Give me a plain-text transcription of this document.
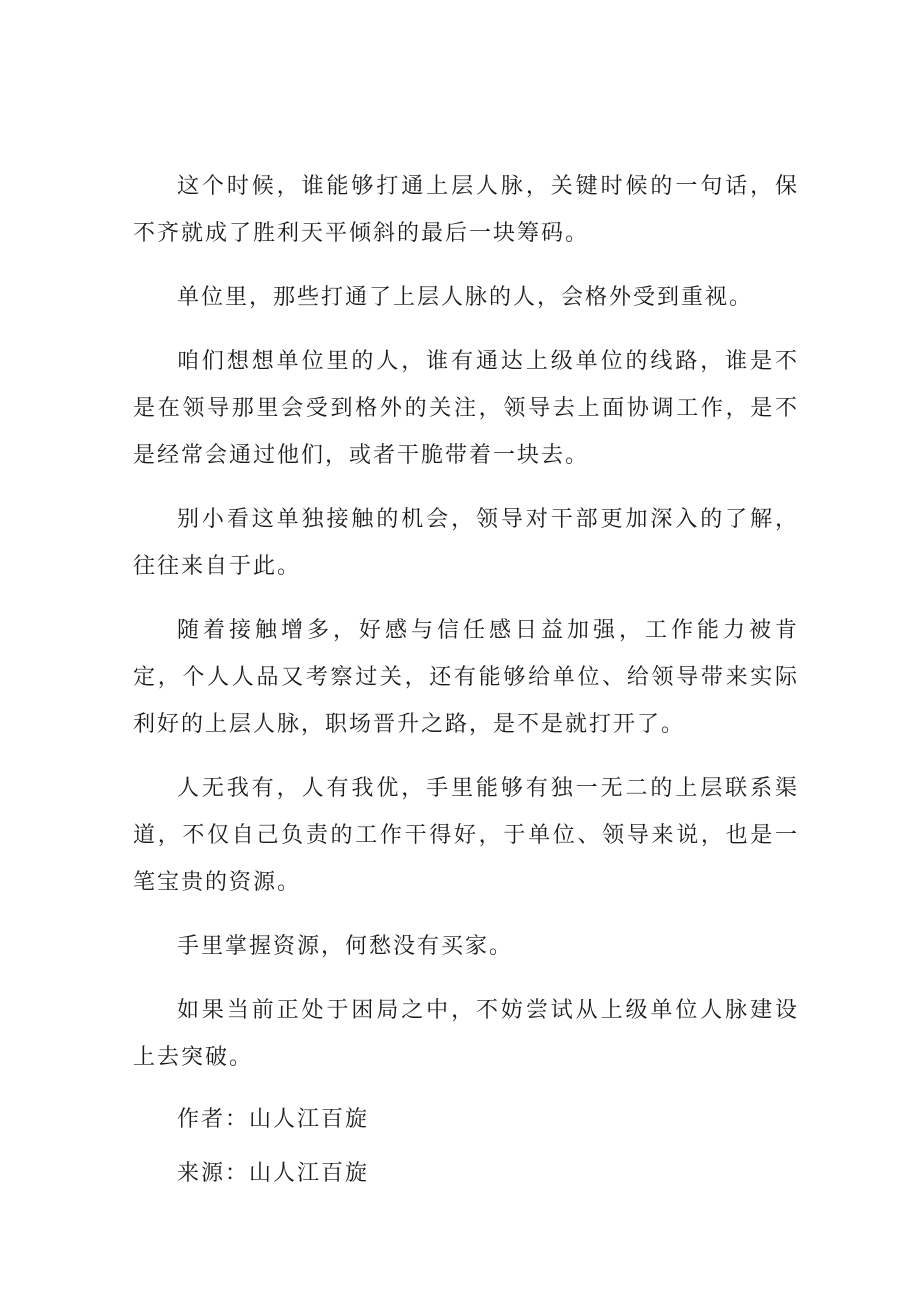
这个时候，谁能够打通上层人脉，关键时候的一句话，保不齐就成了胜利天平倾斜的最后一块筹码。

单位里，那些打通了上层人脉的人，会格外受到重视。

咱们想想单位里的人，谁有通达上级单位的线路，谁是不是在领导那里会受到格外的关注，领导去上面协调工作，是不是经常会通过他们，或者干脆带着一块去。

别小看这单独接触的机会，领导对干部更加深入的了解，往往来自于此。

随着接触增多，好感与信任感日益加强，工作能力被肯定，个人人品又考察过关，还有能够给单位、给领导带来实际利好的上层人脉，职场晋升之路，是不是就打开了。

人无我有，人有我优，手里能够有独一无二的上层联系渠道，不仅自己负责的工作干得好，于单位、领导来说，也是一笔宝贵的资源。

手里掌握资源，何愁没有买家。

如果当前正处于困局之中，不妨尝试从上级单位人脉建设上去突破。

作者：山人江百旋

来源：山人江百旋
